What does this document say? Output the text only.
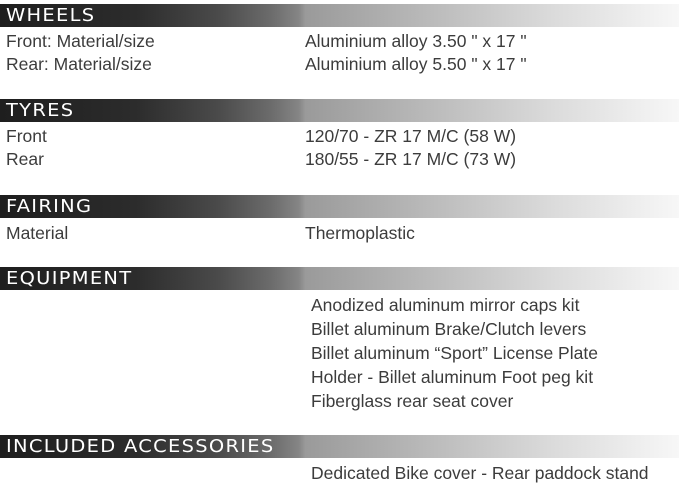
WHEELS
Front: Material/size	Aluminium alloy 3.50 " x 17 "
Rear: Material/size	Aluminium alloy 5.50 " x 17 "
TYRES
Front	120/70 - ZR 17 M/C (58 W)
Rear	180/55 - ZR 17 M/C (73 W)
FAIRING
Material	Thermoplastic
EQUIPMENT
Anodized aluminum mirror caps kit
Billet aluminum Brake/Clutch levers
Billet aluminum “Sport” License Plate
Holder - Billet aluminum Foot peg kit
Fiberglass rear seat cover
INCLUDED ACCESSORIES
Dedicated Bike cover - Rear paddock stand
